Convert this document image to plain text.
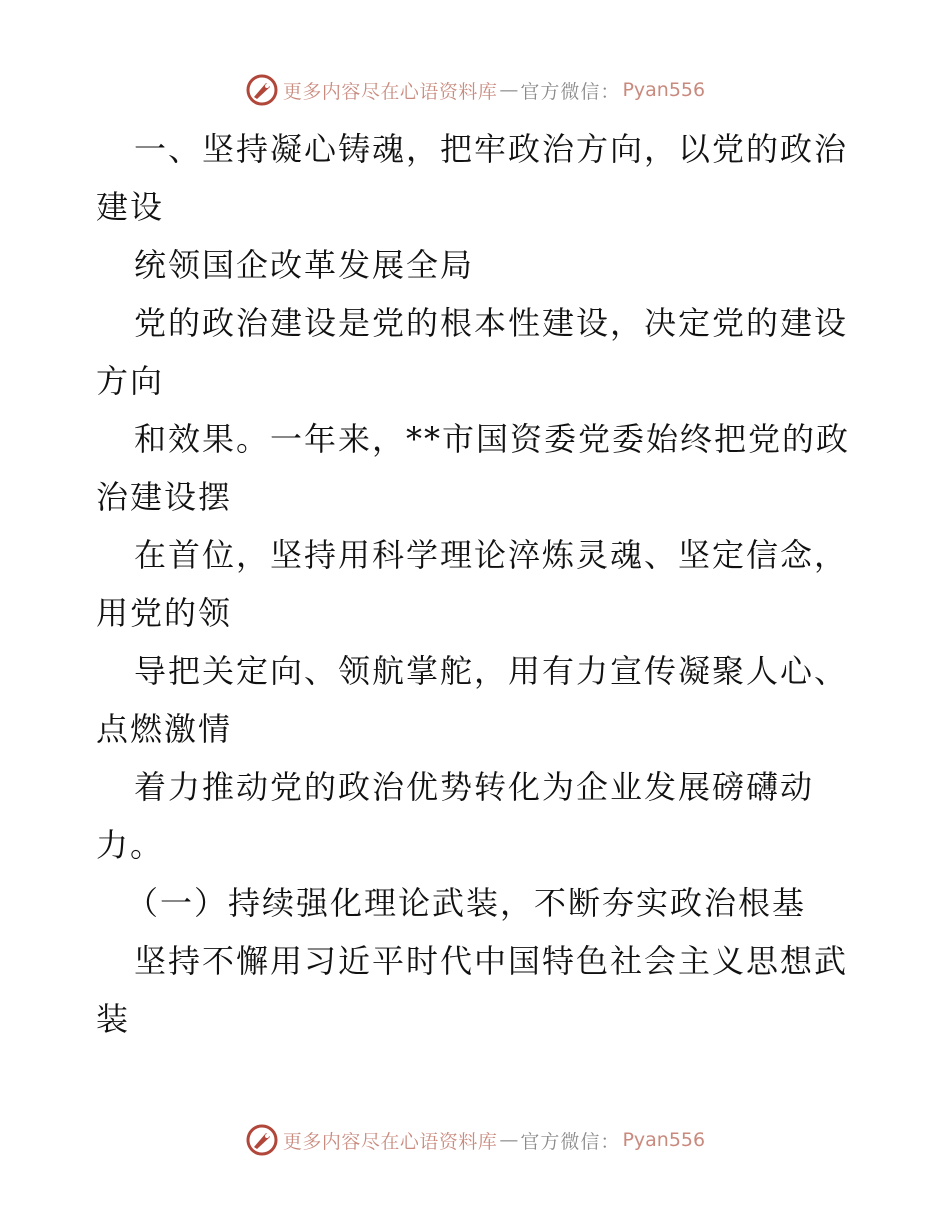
更多内容尽在心语资料库 — 官方微信： Pyan556
一、坚持凝心铸魂，把牢政治方向，以党的政治
建设
统领国企改革发展全局
党的政治建设是党的根本性建设，决定党的建设
方向
和效果。一年来，**市国资委党委始终把党的政
治建设摆
在首位，坚持用科学理论淬炼灵魂、坚定信念，
用党的领
导把关定向、领航掌舵，用有力宣传凝聚人心、
点燃激情
着力推动党的政治优势转化为企业发展磅礴动
力。
（一）持续强化理论武装，不断夯实政治根基
坚持不懈用习近平时代中国特色社会主义思想武
装
更多内容尽在心语资料库 — 官方微信： Pyan556
